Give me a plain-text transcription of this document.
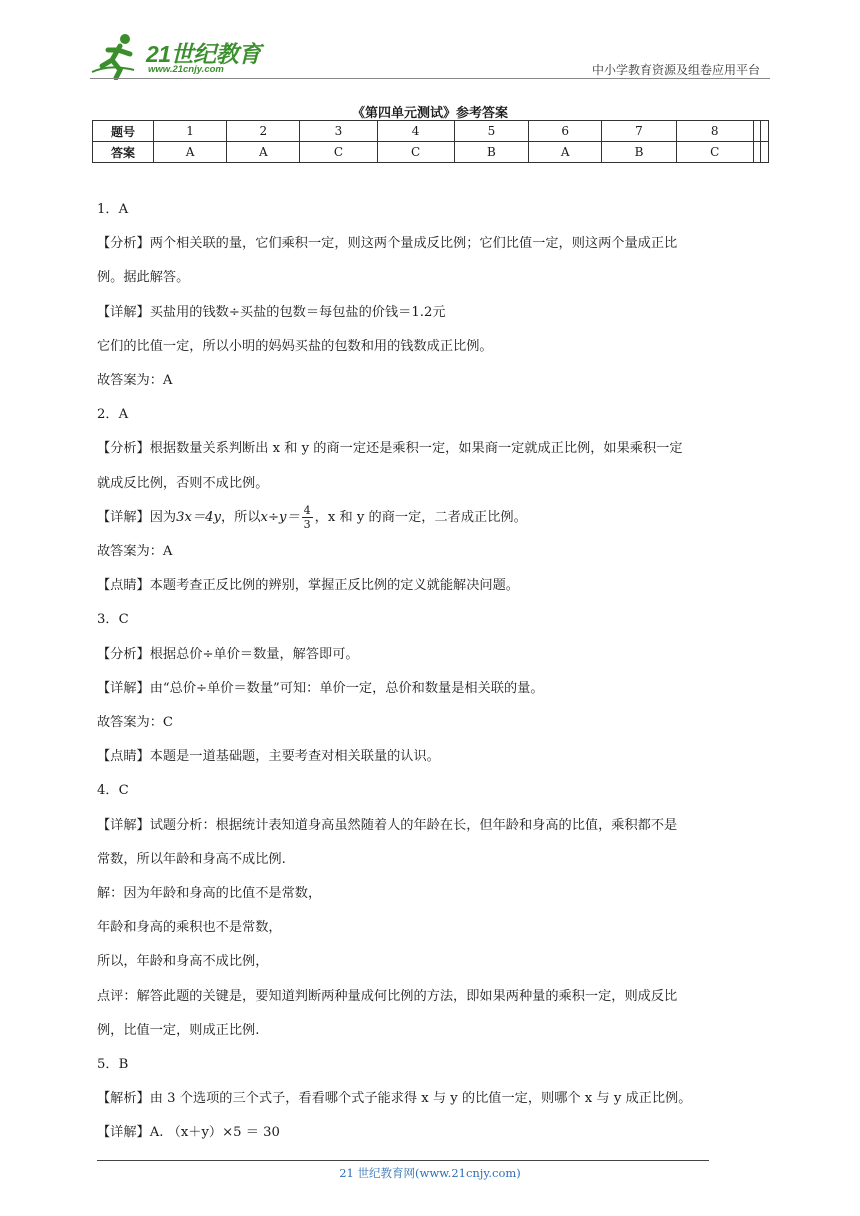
21世纪教育
www.21cnjy.com	中小学教育资源及组卷应用平台
《第四单元测试》参考答案
题号	1	2	3	4	5	6	7	8		
答案	A	A	C	C	B	A	B	C		
1．A
【分析】两个相关联的量，它们乘积一定，则这两个量成反比例；它们比值一定，则这两个量成正比
例。据此解答。
【详解】买盐用的钱数÷买盐的包数＝每包盐的价钱＝1.2元
它们的比值一定，所以小明的妈妈买盐的包数和用的钱数成正比例。
故答案为：A
2．A
【分析】根据数量关系判断出 x 和 y 的商一定还是乘积一定，如果商一定就成正比例，如果乘积一定
就成反比例，否则不成比例。
【详解】因为3x＝4y，所以$x\div y= \frac{4}{3}$ ，x 和 y 的商一定，二者成正比例。
故答案为：A
【点睛】本题考查正反比例的辨别，掌握正反比例的定义就能解决问题。
3．C
【分析】根据总价÷单价＝数量，解答即可。
【详解】由“总价÷单价＝数量”可知：单价一定，总价和数量是相关联的量。
故答案为：C
【点睛】本题是一道基础题，主要考查对相关联量的认识。
4．C
【详解】试题分析：根据统计表知道身高虽然随着人的年龄在长，但年龄和身高的比值，乘积都不是
常数，所以年龄和身高不成比例.
解：因为年龄和身高的比值不是常数，
年龄和身高的乘积也不是常数，
所以，年龄和身高不成比例，
点评：解答此题的关键是，要知道判断两种量成何比例的方法，即如果两种量的乘积一定，则成反比
例，比值一定，则成正比例.
5．B
【解析】由 3 个选项的三个式子，看看哪个式子能求得 x 与 y 的比值一定，则哪个 x 与 y 成正比例。
【详解】A. （x＋y）×5 ＝ 30
21 世纪教育网(www.21cnjy.com)
